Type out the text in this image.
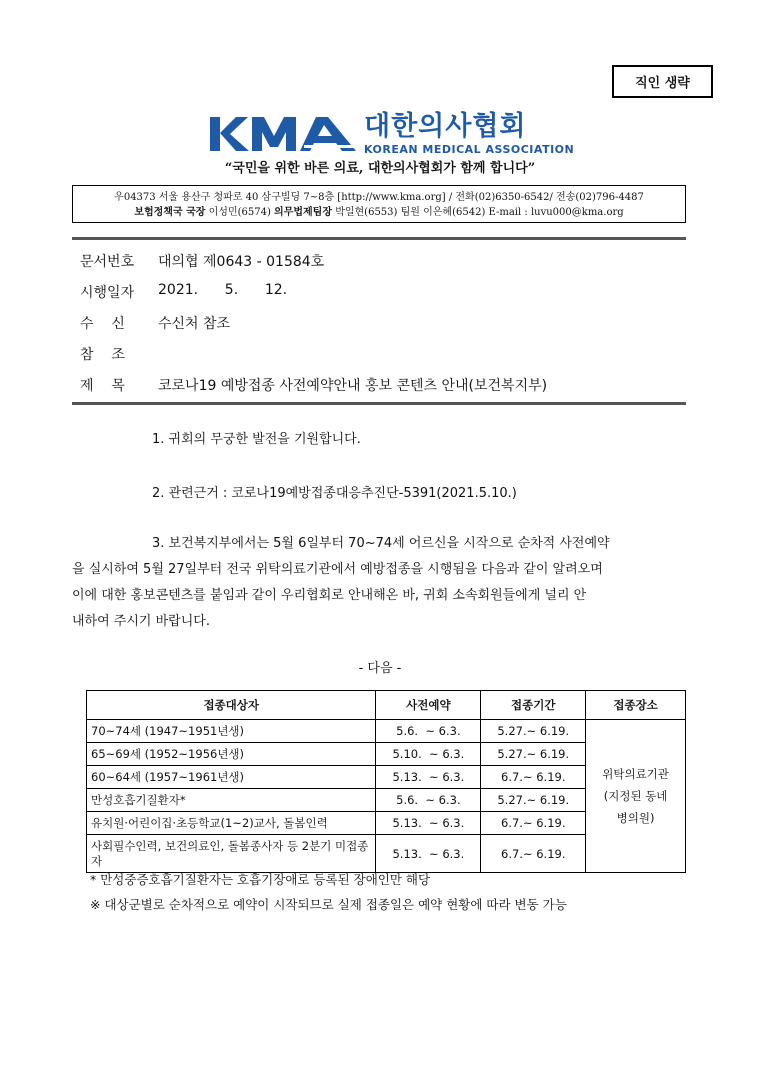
직인 생략
대한의사협회
KOREAN MEDICAL ASSOCIATION
“국민을 위한 바른 의료, 대한의사협회가 함께 합니다”
우04373 서울 용산구 청파로 40 삼구빌딩 7~8층 [http://www.kma.org] / 전화(02)6350-6542/ 전송(02)796-4487
보험정책국 국장 이성민(6574) 의무법제팀장 박일현(6553) 팀원 이은혜(6542) E-mail : luvu000@kma.org
문서번호	대의협 제0643 - 01584호
시행일자	2021.      5.      12.
수    신	수신처 참조
참    조
제    목	코로나19 예방접종 사전예약안내 홍보 콘텐츠 안내(보건복지부)
1. 귀회의 무궁한 발전을 기원합니다.
2. 관련근거 : 코로나19예방접종대응추진단-5391(2021.5.10.)
3. 보건복지부에서는 5월 6일부터 70~74세 어르신을 시작으로 순차적 사전예약
을 실시하여 5월 27일부터 전국 위탁의료기관에서 예방접종을 시행됨을 다음과 같이 알려오며
이에 대한 홍보콘텐츠를 붙임과 같이 우리협회로 안내해온 바, 귀회 소속회원들에게 널리 안
내하여 주시기 바랍니다.
- 다음 -
접종대상자	사전예약	접종기간	접종장소
70~74세 (1947~1951년생)	5.6.  ~ 6.3.	5.27.~ 6.19.	위탁의료기관
(지정된 동네
병의원)

65~69세 (1952~1956년생)	5.10.  ~ 6.3.	5.27.~ 6.19.	
60~64세 (1957~1961년생)	5.13.  ~ 6.3.	6.7.~ 6.19.	
만성호흡기질환자*	5.6.  ~ 6.3.	5.27.~ 6.19.	
유치원·어린이집·초등학교(1~2)교사, 돌봄인력	5.13.  ~ 6.3.	6.7.~ 6.19.	
사회필수인력, 보건의료인, 돌봄종사자 등 2분기 미접종자	5.13.  ~ 6.3.	6.7.~ 6.19.	
* 만성중증호흡기질환자는 호흡기장애로 등록된 장애인만 해당
※ 대상군별로 순차적으로 예약이 시작되므로 실제 접종일은 예약 현황에 따라 변동 가능
